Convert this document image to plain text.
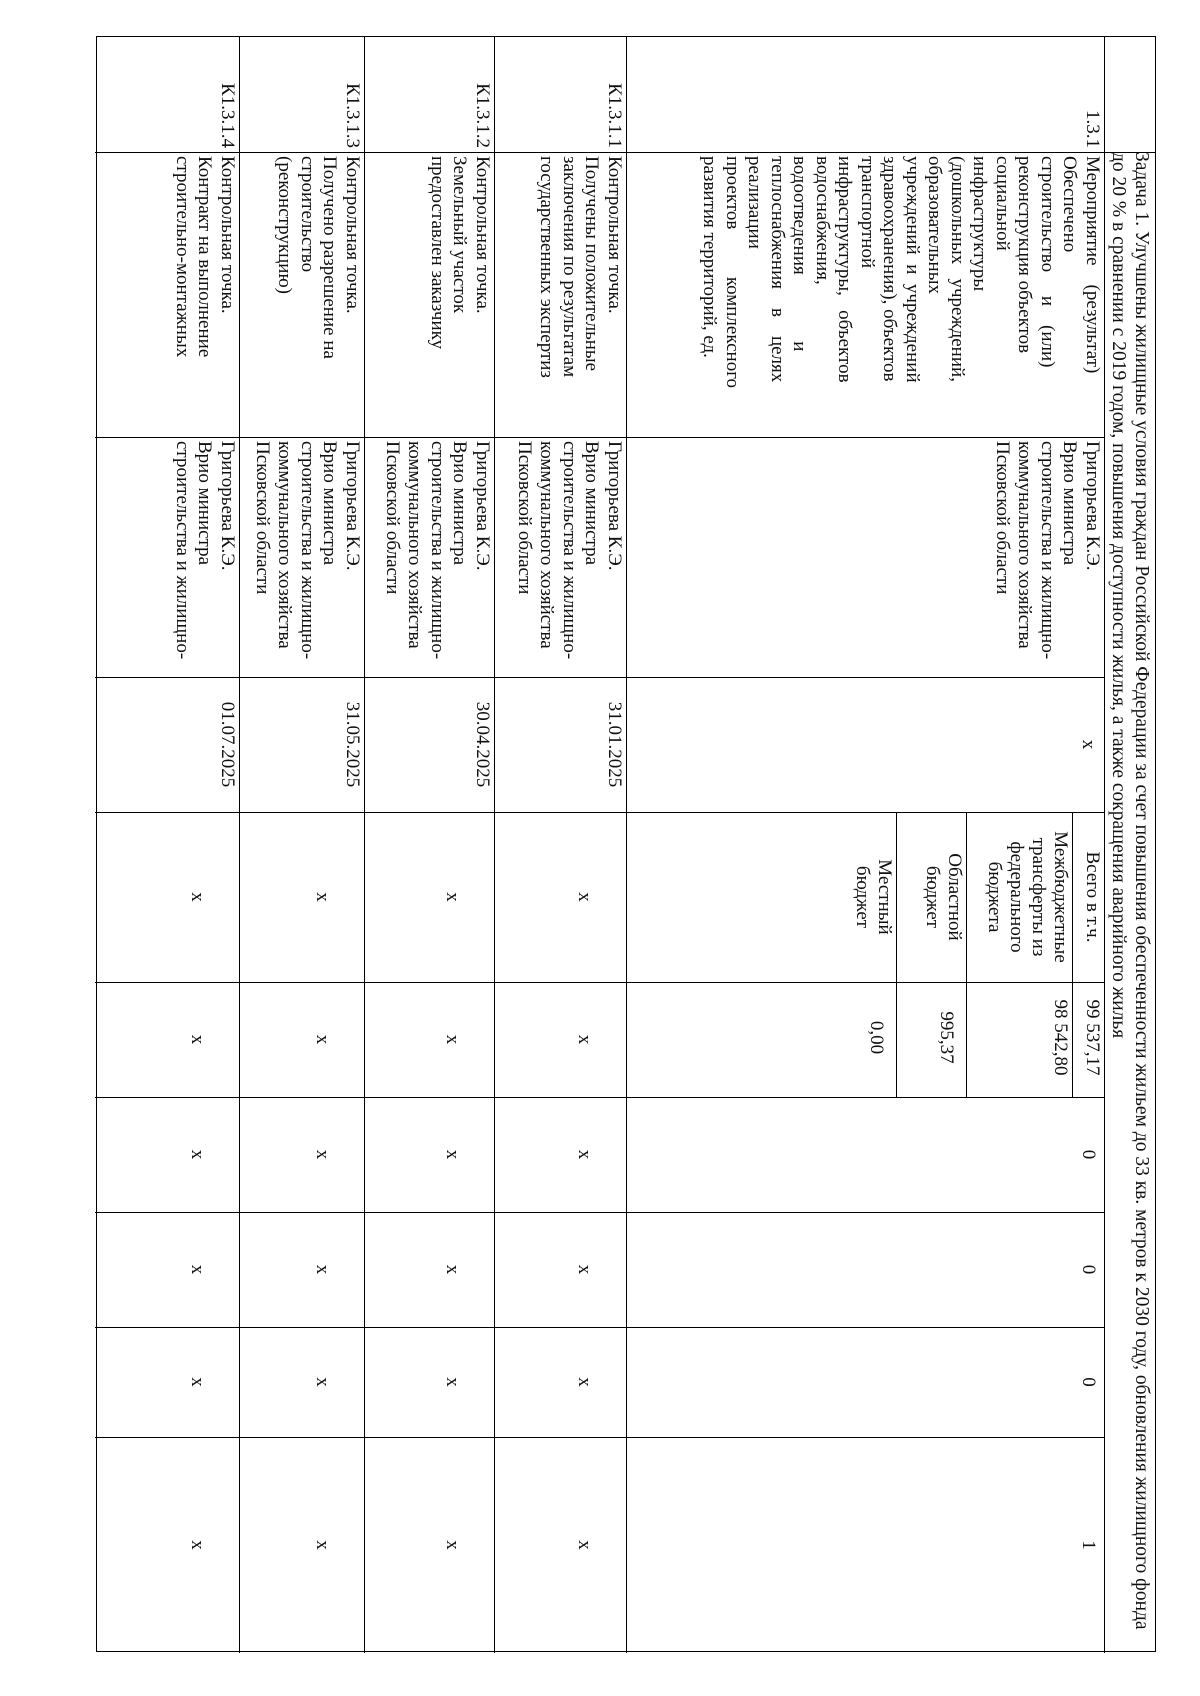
Задача 1. Улучшены жилищные условия граждан Российской Федерации за счет повышения обеспеченности жильем до 33 кв. метров к 2030 году, обновления жилищного фонда до 20 % в сравнении с 2019 годом, повышения доступности жилья, а также сокращения аварийного жилья
1.3.1
Мероприятие    (результат)
Обеспечено
строительство     и    (или)
реконструкция объектов
социальной
инфраструктуры
(дошкольных   учреждений,
образовательных
учреждений  и  учреждений
здравоохранения), объектов
транспортной
инфраструктуры,   объектов
водоснабжения,
водоотведения              и
теплоснабжения    в    целях
реализации
проектов          комплексного
развития территорий, ед.
Григорьева К.Э.
Врио министра
строительства и жилищно-
коммунального хозяйства
Псковской области
х
Всего в т.ч.
99 537,17
Межбюджетные
трансферты из
федерального
бюджета
98 542,80
Областной
бюджет
995,37
Местный
бюджет
0,00
0
0
0
1
К1.3.1.1
Контрольная точка.
Получены положительные
заключения по результатам
государственных экспертиз
Григорьева К.Э.
Врио министра
строительства и жилищно-
коммунального хозяйства
Псковской области
31.01.2025
х
х
х
х
х
х
К1.3.1.2
Контрольная точка.
Земельный участок
предоставлен заказчику
Григорьева К.Э.
Врио министра
строительства и жилищно-
коммунального хозяйства
Псковской области
30.04.2025
х
х
х
х
х
х
К1.3.1.3
Контрольная точка.
Получено разрешение на
строительство
(реконструкцию)
Григорьева К.Э.
Врио министра
строительства и жилищно-
коммунального хозяйства
Псковской области
31.05.2025
х
х
х
х
х
х
К1.3.1.4
Контрольная точка.
Контракт на выполнение
строительно-монтажных
Григорьева К.Э.
Врио министра
строительства и жилищно-
01.07.2025
х
х
х
х
х
х
